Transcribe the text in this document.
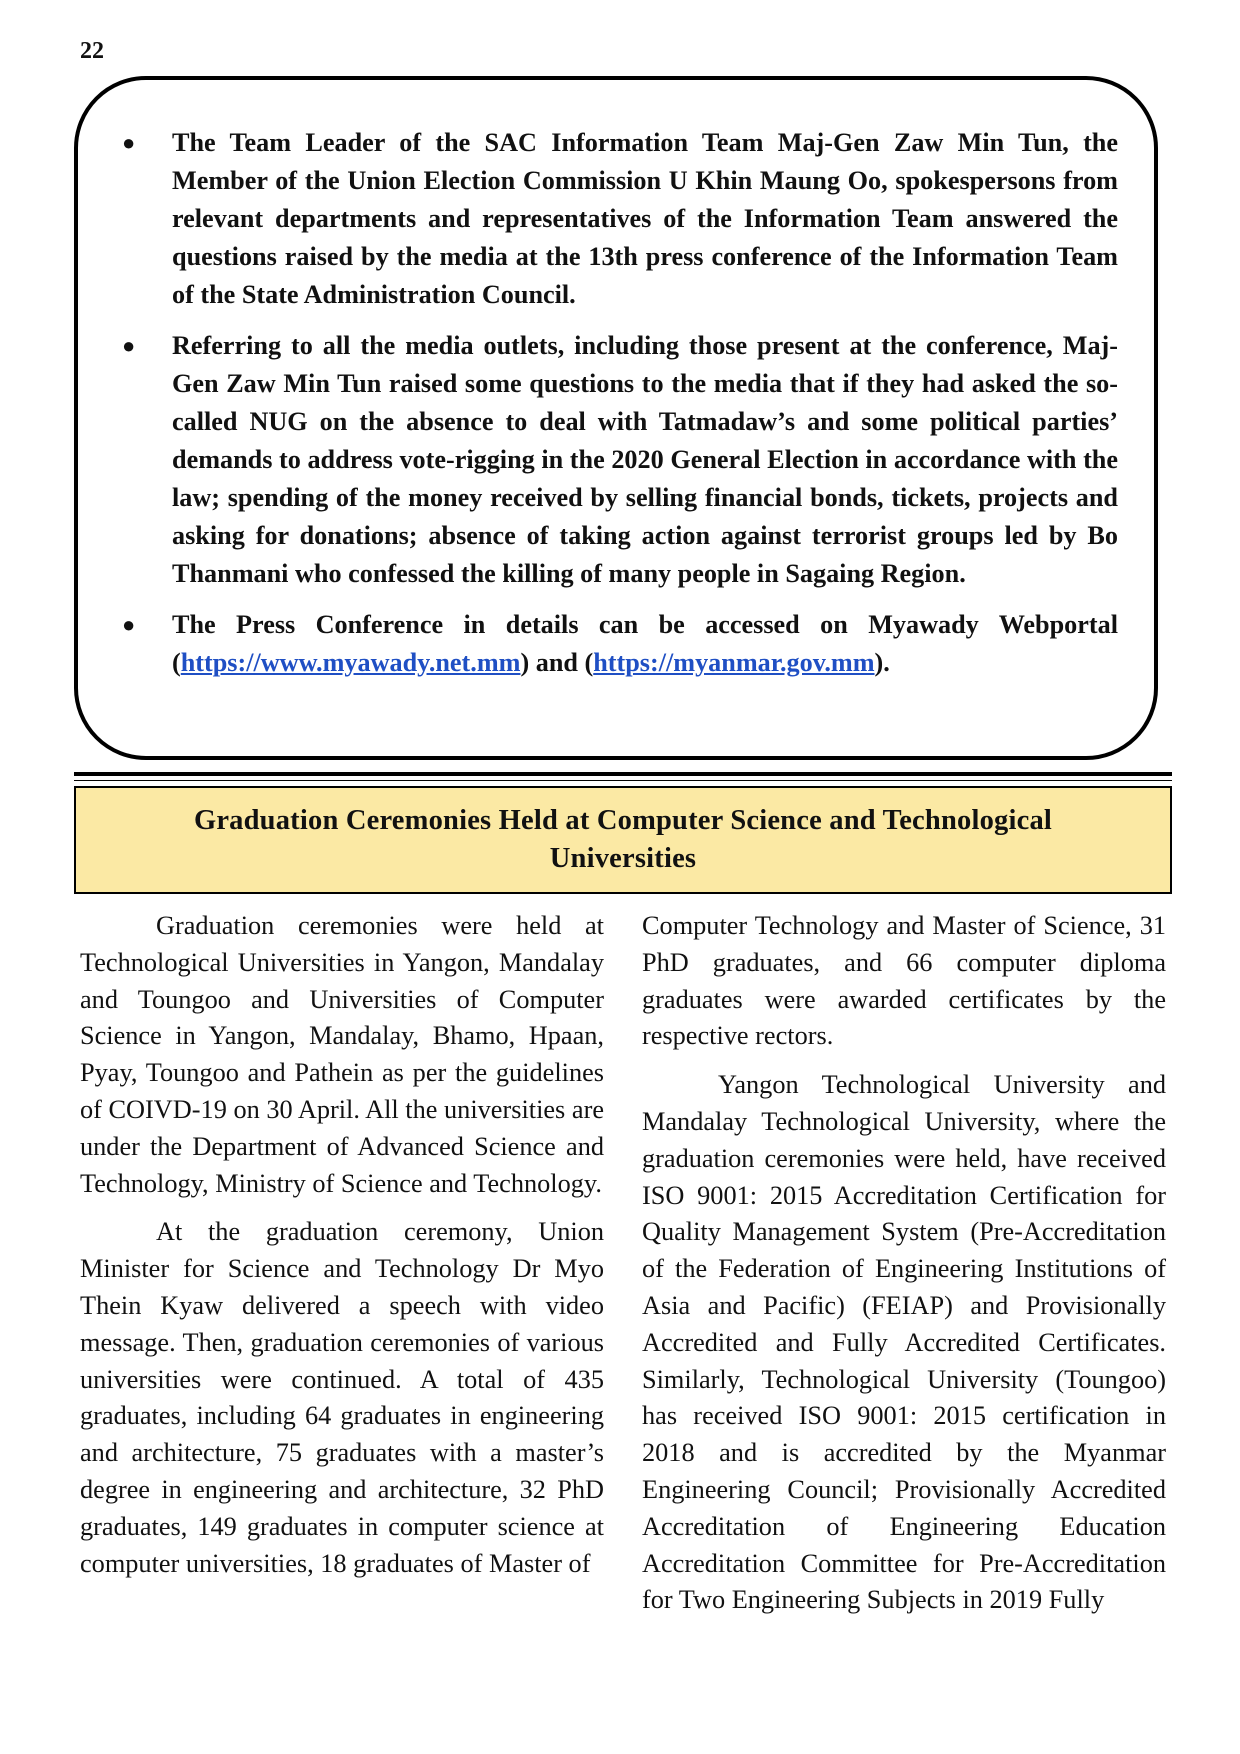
22
● The Team Leader of the SAC Information Team Maj-Gen Zaw Min Tun, the Member of the Union Election Commission U Khin Maung Oo, spokespersons from relevant departments and representatives of the Information Team answered the questions raised by the media at the 13th press conference of the Information Team of the State Administration Council.
● Referring to all the media outlets, including those present at the conference, Maj-Gen Zaw Min Tun raised some questions to the media that if they had asked the so-called NUG on the absence to deal with Tatmadaw’s and some political parties’ demands to address vote-rigging in the 2020 General Election in accordance with the law; spending of the money received by selling financial bonds, tickets, projects and asking for donations; absence of taking action against terrorist groups led by Bo Thanmani who confessed the killing of many people in Sagaing Region.
● The Press Conference in details can be accessed on Myawady Webportal (https://www.myawady.net.mm) and (https://myanmar.gov.mm).
Graduation Ceremonies Held at Computer Science and Technological Universities

Graduation ceremonies were held at Technological Universities in Yangon, Mandalay and Toungoo and Universities of Computer Science in Yangon, Mandalay, Bhamo, Hpaan, Pyay, Toungoo and Pathein as per the guidelines of COIVD-19 on 30 April. All the universities are under the Department of Advanced Science and Technology, Ministry of Science and Technology.

At the graduation ceremony, Union Minister for Science and Technology Dr Myo Thein Kyaw delivered a speech with video message. Then, graduation ceremonies of various universities were continued. A total of 435 graduates, including 64 graduates in engineering and architecture, 75 graduates with a master’s degree in engineering and architecture, 32 PhD graduates, 149 graduates in computer science at computer universities, 18 graduates of Master of

Computer Technology and Master of Science, 31 PhD graduates, and 66 computer diploma graduates were awarded certificates by the respective rectors.

Yangon Technological University and Mandalay Technological University, where the graduation ceremonies were held, have received ISO 9001: 2015 Accreditation Certification for Quality Management System (Pre-Accreditation of the Federation of Engineering Institutions of Asia and Pacific) (FEIAP) and Provisionally Accredited and Fully Accredited Certificates. Similarly, Technological University (Toungoo) has received ISO 9001: 2015 certification in 2018 and is accredited by the Myanmar Engineering Council; Provisionally Accredited Accreditation of Engineering Education Accreditation Committee for Pre-Accreditation for Two Engineering Subjects in 2019 Fully
